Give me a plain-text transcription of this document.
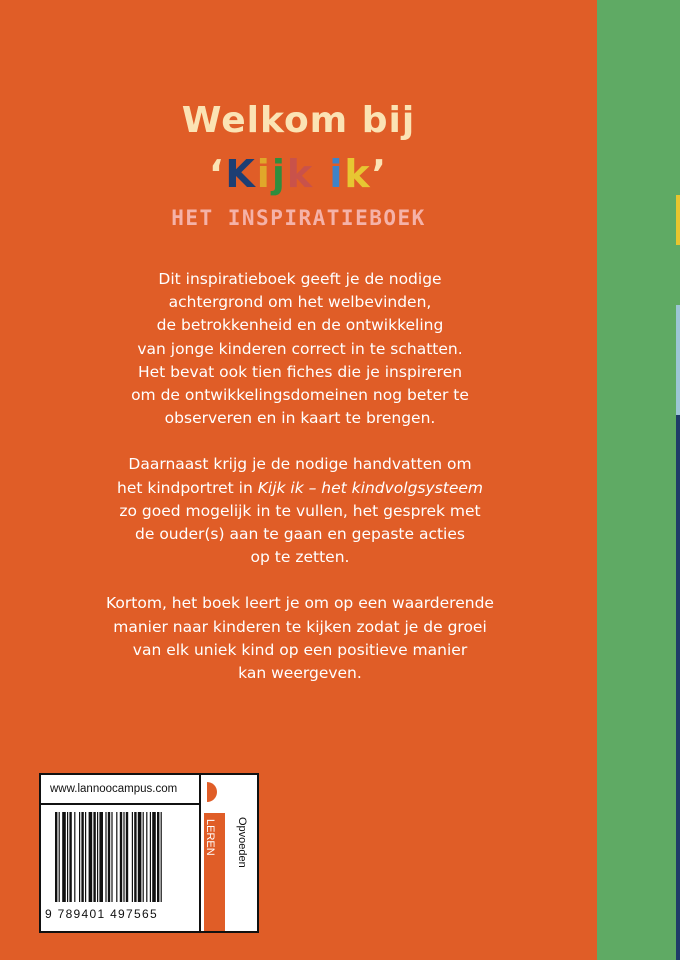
Welkom bij
‘Kijk ik’
HET INSPIRATIEBOEK

Dit inspiratieboek geeft je de nodige
achtergrond om het welbevinden,
de betrokkenheid en de ontwikkeling
van jonge kinderen correct in te schatten.
Het bevat ook tien fiches die je inspireren
om de ontwikkelingsdomeinen nog beter te
observeren en in kaart te brengen.

Daarnaast krijg je de nodige handvatten om
het kindportret in Kijk ik – het kindvolgsysteem
zo goed mogelijk in te vullen, het gesprek met
de ouder(s) aan te gaan en gepaste acties
op te zetten.

Kortom, het boek leert je om op een waarderende
manier naar kinderen te kijken zodat je de groei
van elk uniek kind op een positieve manier
kan weergeven.

www.lannoocampus.com
9 789401 497565
LEREN Opvoeden
